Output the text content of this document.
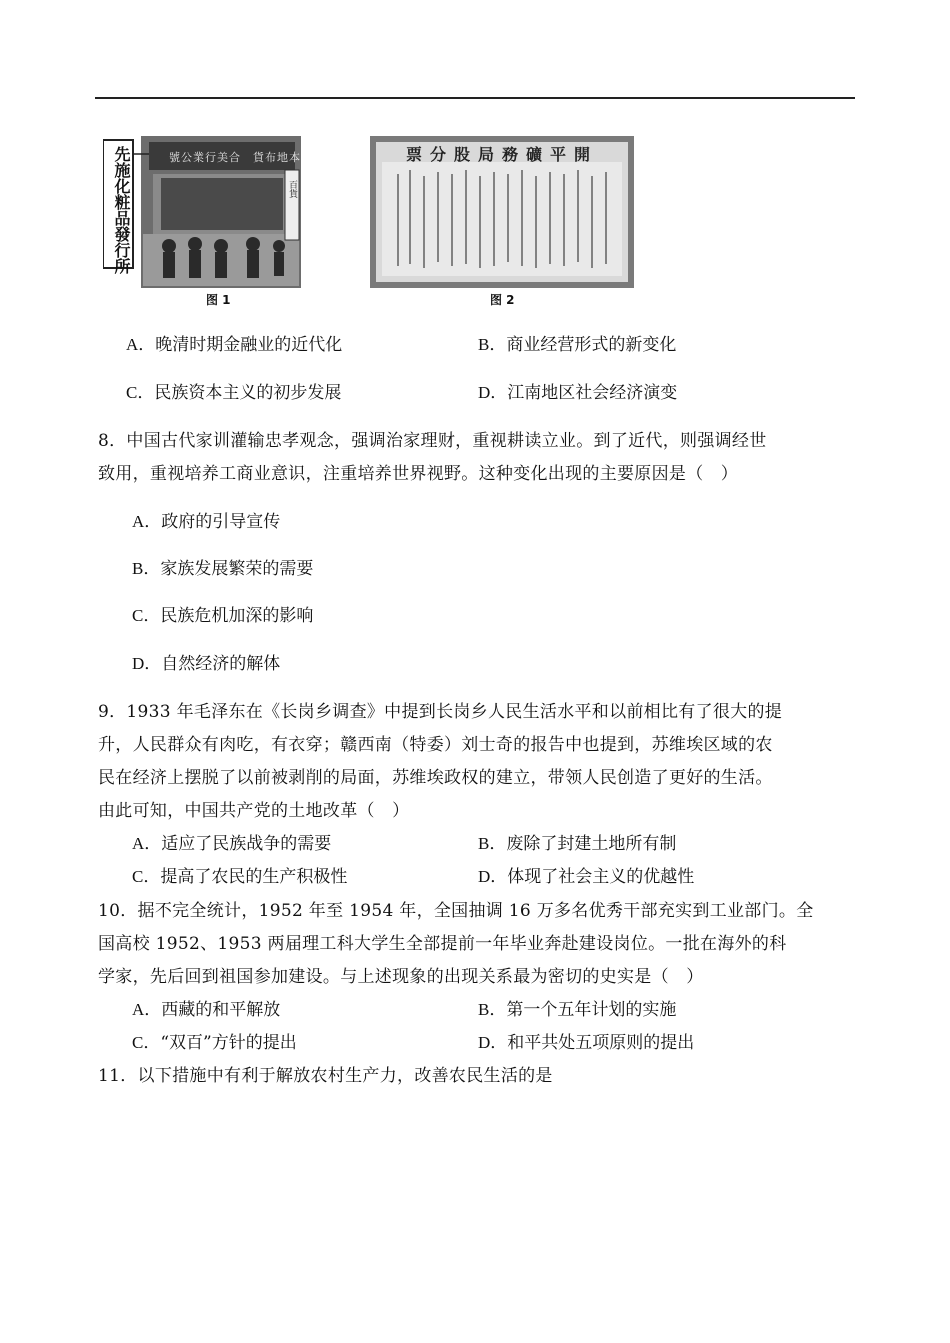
先施化粧品發行所	號公業行美合 貨布地本
百貨
图 1
開平礦務局股分票
图 2
A．晚清时期金融业的近代化	B．商业经营形式的新变化
C．民族资本主义的初步发展	D．江南地区社会经济演变
8．中国古代家训灌输忠孝观念，强调治家理财，重视耕读立业。到了近代，则强调经世
致用，重视培养工商业意识，注重培养世界视野。这种变化出现的主要原因是（　）
A．政府的引导宣传
B．家族发展繁荣的需要
C．民族危机加深的影响
D．自然经济的解体
9．1933 年毛泽东在《长岗乡调查》中提到长岗乡人民生活水平和以前相比有了很大的提
升，人民群众有肉吃，有衣穿；赣西南（特委）刘士奇的报告中也提到，苏维埃区域的农
民在经济上摆脱了以前被剥削的局面，苏维埃政权的建立，带领人民创造了更好的生活。
由此可知，中国共产党的土地改革（　）
A．适应了民族战争的需要	B．废除了封建土地所有制
C．提高了农民的生产积极性	D．体现了社会主义的优越性
10．据不完全统计，1952 年至 1954 年，全国抽调 16 万多名优秀干部充实到工业部门。全
国高校 1952、1953 两届理工科大学生全部提前一年毕业奔赴建设岗位。一批在海外的科
学家，先后回到祖国参加建设。与上述现象的出现关系最为密切的史实是（　）
A．西藏的和平解放	B．第一个五年计划的实施
C．“双百”方针的提出	D．和平共处五项原则的提出
11．以下措施中有利于解放农村生产力，改善农民生活的是
